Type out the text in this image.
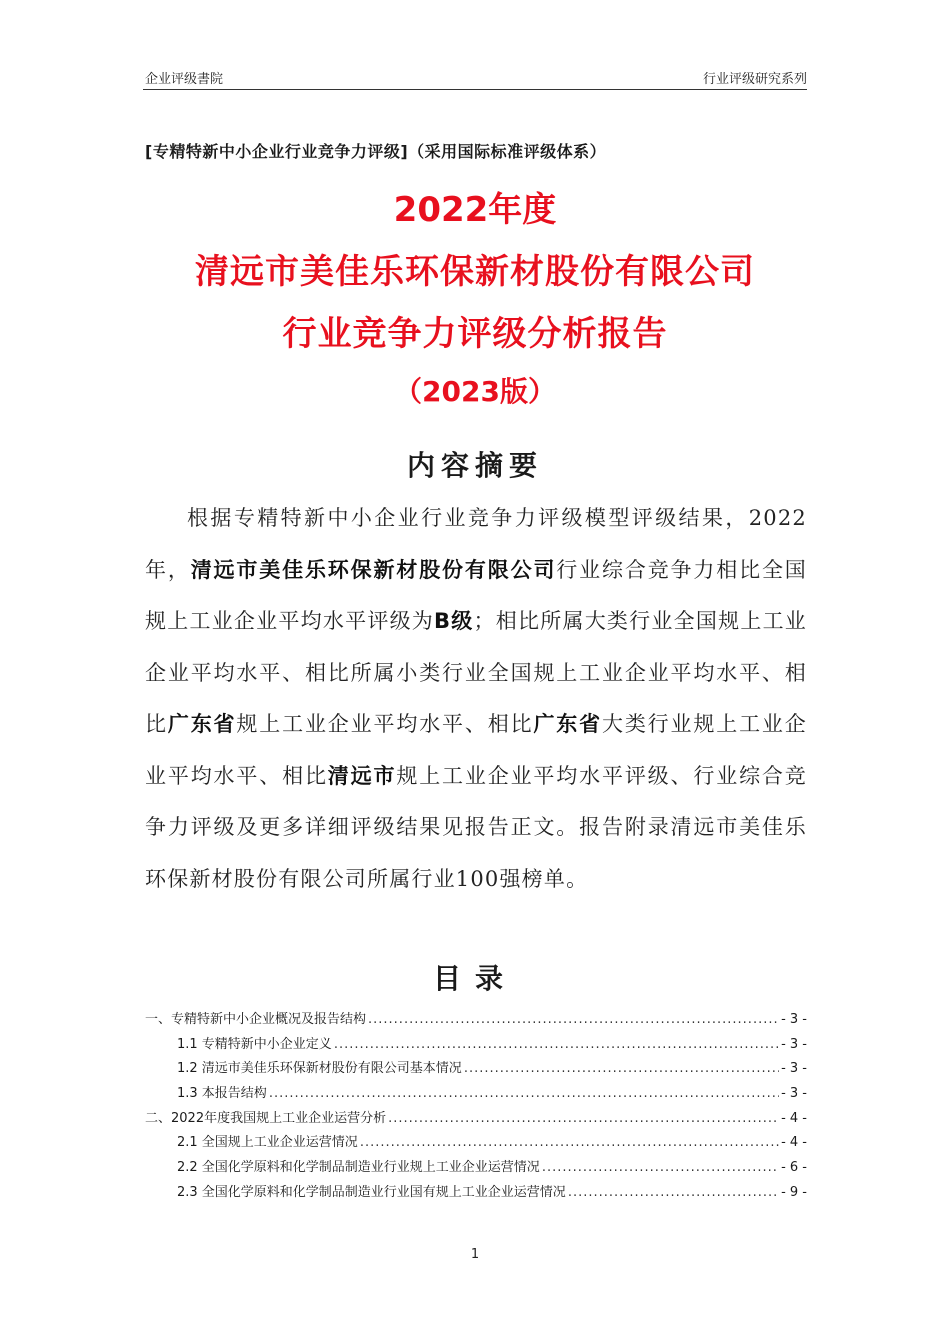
企业评级書院	行业评级研究系列
[专精特新中小企业行业竞争力评级]（采用国际标准评级体系）
2022年度
清远市美佳乐环保新材股份有限公司
行业竞争力评级分析报告
（2023版）
内容摘要

根据专精特新中小企业行业竞争力评级模型评级结果，2022年，清远市美佳乐环保新材股份有限公司行业综合竞争力相比全国规上工业企业平均水平评级为B级；相比所属大类行业全国规上工业企业平均水平、相比所属小类行业全国规上工业企业平均水平、相比广东省规上工业企业平均水平、相比广东省大类行业规上工业企业平均水平、相比清远市规上工业企业平均水平评级、行业综合竞争力评级及更多详细评级结果见报告正文。报告附录清远市美佳乐环保新材股份有限公司所属行业100强榜单。

目录
一、专精特新中小企业概况及报告结构 .....	- 3 -
1.1 专精特新中小企业定义 .....	- 3 -
1.2 清远市美佳乐环保新材股份有限公司基本情况 .....	- 3 -
1.3 本报告结构 .....	- 3 -
二、2022年度我国规上工业企业运营分析 .....	- 4 -
2.1 全国规上工业企业运营情况 .....	- 4 -
2.2 全国化学原料和化学制品制造业行业规上工业企业运营情况 .....	- 6 -
2.3 全国化学原料和化学制品制造业行业国有规上工业企业运营情况 .....	- 9 -
1
